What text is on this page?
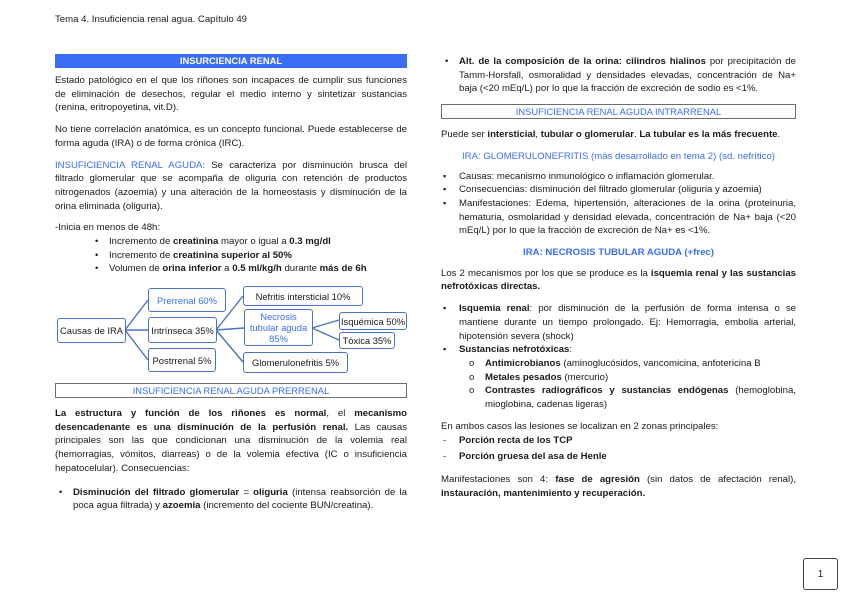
Tema 4. Insuficiencia renal agua. Capítulo 49
INSURCIENCIA RENAL

Estado patológico en el que los riñones son incapaces de cumplir sus funciones de eliminación de desechos, regular el medio interno y sintetizar sustancias (renina, eritropoyetina, vit.D).

No tiene correlación anatómica, es un concepto funcional. Puede establecerse de forma aguda (IRA) o de forma crónica (IRC).

INSUFICIENCIA RENAL AGUDA: Se caracteriza por disminución brusca del filtrado glomerular que se acompaña de oliguria con retención de productos nitrogenados (azoemia) y una alteración de la homeostasis y disminución de la orina eliminada (oliguria).

-Inicia en menos de 48h:
• Incremento de creatinina mayor o igual a 0.3 mg/dl
• Incremento de creatinina superior al 50%
• Volumen de orina inferior a 0.5 ml/kg/h durante más de 6h
Causas de IRA
Prerrenal 60%
Intrínseca 35%
Postrrenal 5%
Nefritis intersticial 10%
Necrosis tubular aguda 85%
Glomerulonefritis 5%
Isquémica 50%
Tóxica 35%
INSUFICIENCIA RENAL AGUDA PRERRENAL

La estructura y función de los riñones es normal, el mecanismo desencadenante es una disminución de la perfusión renal. Las causas principales son las que condicionan una disminución de la volemia real (hemorragias, vómitos, diarreas) o de la volemia efectiva (IC o insuficiencia hepatocelular). Consecuencias:

• Disminución del filtrado glomerular = oliguria (intensa reabsorción de la poca agua filtrada) y azoemia (incremento del cociente BUN/creatina).
• Alt. de la composición de la orina: cilindros hialinos por precipitación de Tamm-Horsfall, osmoralidad y densidades elevadas, concentración de Na+ baja (<20 mEq/L) por lo que la fracción de excreción de sodio es <1%.
INSUFICIENCIA RENAL AGUDA INTRARRENAL

Puede ser intersticial, tubular o glomerular. La tubular es la más frecuente.

IRA: GLOMERULONEFRITIS (más desarrollado en tema 2) (sd. nefrítico)
▪ Causas: mecanismo inmunológico o inflamación glomerular.
▪ Consecuencias: disminución del filtrado glomerular (oliguria y azoemia)
▪ Manifestaciones: Edema, hipertensión, alteraciones de la orina (proteinuria, hematuria, osmolaridad y densidad elevada, concentración de Na+ baja (<20 mEq/L) por lo que la fracción de excreción de Na+ es <1%.
IRA: NECROSIS TUBULAR AGUDA (+frec)

Los 2 mecanismos por los que se produce es la isquemia renal y las sustancias nefrotóxicas directas.

▪ Isquemia renal: por disminución de la perfusión de forma intensa o se mantiene durante un tiempo prolongado. Ej: Hemorragia, embolia arterial, hipotensión severa (shock)
▪ Sustancias nefrotóxicas:
o Antimicrobianos (aminoglucósidos, vancomicina, anfotericina B
o Metales pesados (mercurio)
o Contrastes radiográficos y sustancias endógenas (hemoglobina, mioglobina, cadenas ligeras)
En ambos casos las lesiones se localizan en 2 zonas principales:
- Porción recta de los TCP
- Porción gruesa del asa de Henle

Manifestaciones son 4: fase de agresión (sin datos de afectación renal), instauración, mantenimiento y recuperación.

1
